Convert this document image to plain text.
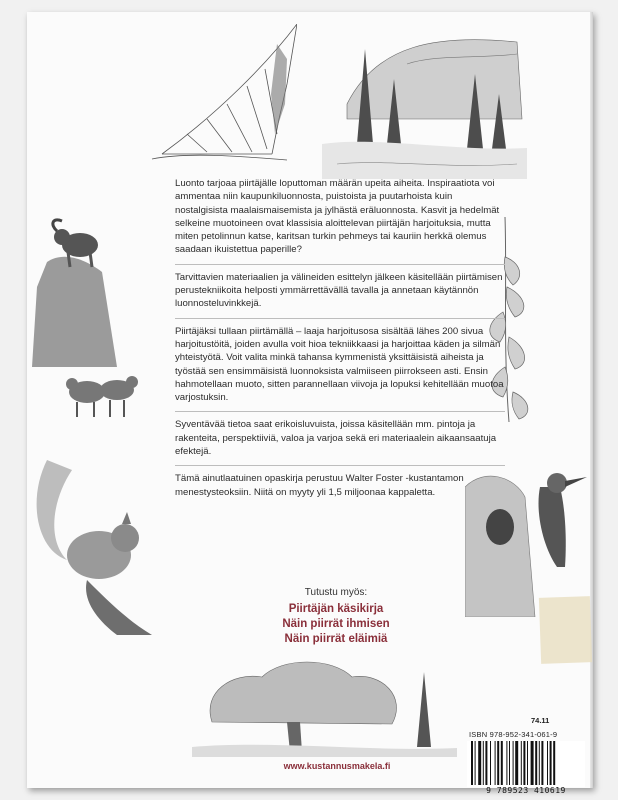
Luonto tarjoaa piirtäjälle loputtoman määrän upeita aiheita. Inspiraatiota voi ammentaa niin kaupunkiluonnosta, puistoista ja puutarhoista kuin nostalgisista maalaismaisemista ja jylhästä eräluonnosta. Kasvit ja hedelmät selkeine muotoineen ovat klassisia aloittelevan piirtäjän harjoituksia, mutta miten petolinnun katse, karitsan turkin pehmeys tai kauriin herkkä olemus saadaan ikuistettua paperille?

Tarvittavien materiaalien ja välineiden esittelyn jälkeen käsitellään piirtämisen perustekniikoita helposti ymmärrettävällä tavalla ja annetaan käytännön luonnosteluvinkkejä.

Piirtäjäksi tullaan piirtämällä – laaja harjoitusosa sisältää lähes 200 sivua harjoitustöitä, joiden avulla voit hioa tekniikkaasi ja harjoittaa käden ja silmän yhteistyötä. Voit valita minkä tahansa kymmenistä yksittäisistä aiheista ja työstää sen ensimmäisistä luonnoksista valmiiseen piirrokseen asti. Ensin hahmotellaan muoto, sitten parannellaan viivoja ja lopuksi kehitellään muotoa varjostuksin.

Syventävää tietoa saat erikoisluvuista, joissa käsitellään mm. pintoja ja rakenteita, perspektiiviä, valoa ja varjoa sekä eri materiaalein aikaansaatuja efektejä.

Tämä ainutlaatuinen opaskirja perustuu Walter Foster -kustantamon menestysteoksiin. Niitä on myyty yli 1,5 miljoonaa kappaletta.

Tutustu myös:
Piirtäjän käsikirja
Näin piirrät ihmisen
Näin piirrät eläimiä
74.11
ISBN 978-952-341-061-9
9 789523 410619
www.kustannusmakela.fi
